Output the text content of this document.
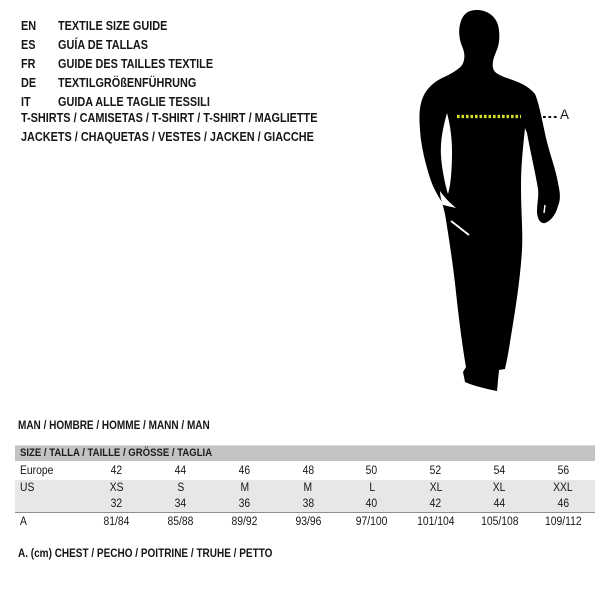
EN	TEXTILE SIZE GUIDE
ES	GUÍA DE TALLAS
FR	GUIDE DES TAILLES TEXTILE
DE	TEXTILGRÖßENFÜHRUNG
IT	GUIDA ALLE TAGLIE TESSILI
T-SHIRTS / CAMISETAS / T-SHIRT / T-SHIRT / MAGLIETTE
JACKETS / CHAQUETAS / VESTES / JACKEN / GIACCHE
A
MAN / HOMBRE / HOMME / MANN / MAN
SIZE / TALLA / TAILLE / GRÖSSE / TAGLIA
Europe	42	44	46	48	50	52	54	56
US	XS	S	M	M	L	XL	XL	XXL
32	34	36	38	40	42	44	46
A	81/84	85/88	89/92	93/96	97/100	101/104 105/108 109/112
A. (cm) CHEST / PECHO / POITRINE / TRUHE / PETTO
